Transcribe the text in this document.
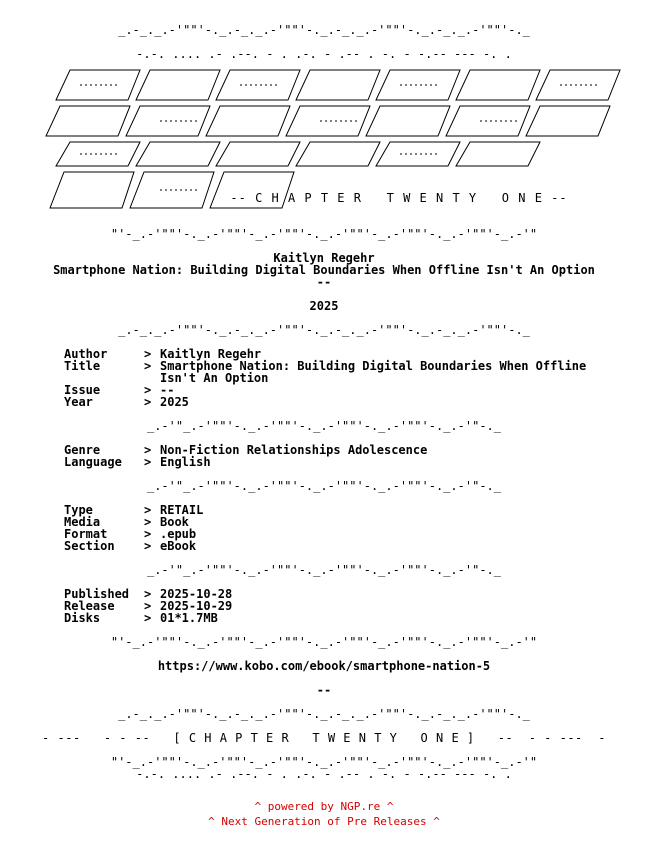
_.-_._.-'""'-._.-_._.-'""'-._.-_._.-'""'-._.-_._.-'""'-._
-.-. .... .- .--. - . .-. - .-- . -. - -.-- --- -. .
-- C H A P T E R   T W E N T Y   O N E --
"'-_.-'""'-._.-'""'-_.-'""'-._.-'""'-_.-'""'-._.-'""'-_.-'"
Kaitlyn Regehr
Smartphone Nation: Building Digital Boundaries When Offline Isn't An Option
--
2025
_.-_._.-'""'-._.-_._.-'""'-._.-_._.-'""'-._.-_._.-'""'-._
Author	> Kaitlyn Regehr
Title	> Smartphone Nation: Building Digital Boundaries When Offline
Isn't An Option
Issue	> --
Year	> 2025
_.-'"_.-'""'-._.-'""'-._.-'""'-._.-'""'-._.-'"-._
Genre	> Non-Fiction Relationships Adolescence
Language > English
_.-'"_.-'""'-._.-'""'-._.-'""'-._.-'""'-._.-'"-._
Type	> RETAIL
Media	> Book
Format	> .epub
Section > eBook
_.-'"_.-'""'-._.-'""'-._.-'""'-._.-'""'-._.-'"-._
Published > 2025-10-28
Release > 2025-10-29
Disks	> 01*1.7MB
"'-_.-'""'-._.-'""'-_.-'""'-._.-'""'-_.-'""'-._.-'""'-_.-'"
https://www.kobo.com/ebook/smartphone-nation-5
--
_.-_._.-'""'-._.-_._.-'""'-._.-_._.-'""'-._.-_._.-'""'-._
- ---   - - --   [ C H A P T E R   T W E N T Y   O N E ]   --  - - ---  -
"'-_.-'""'-._.-'""'-_.-'""'-._.-'""'-_.-'""'-._.-'""'-_.-'"
-.-. .... .- .--. - . .-. - .-- . -. - -.-- --- -. .
^ powered by NGP.re ^
^ Next Generation of Pre Releases ^
